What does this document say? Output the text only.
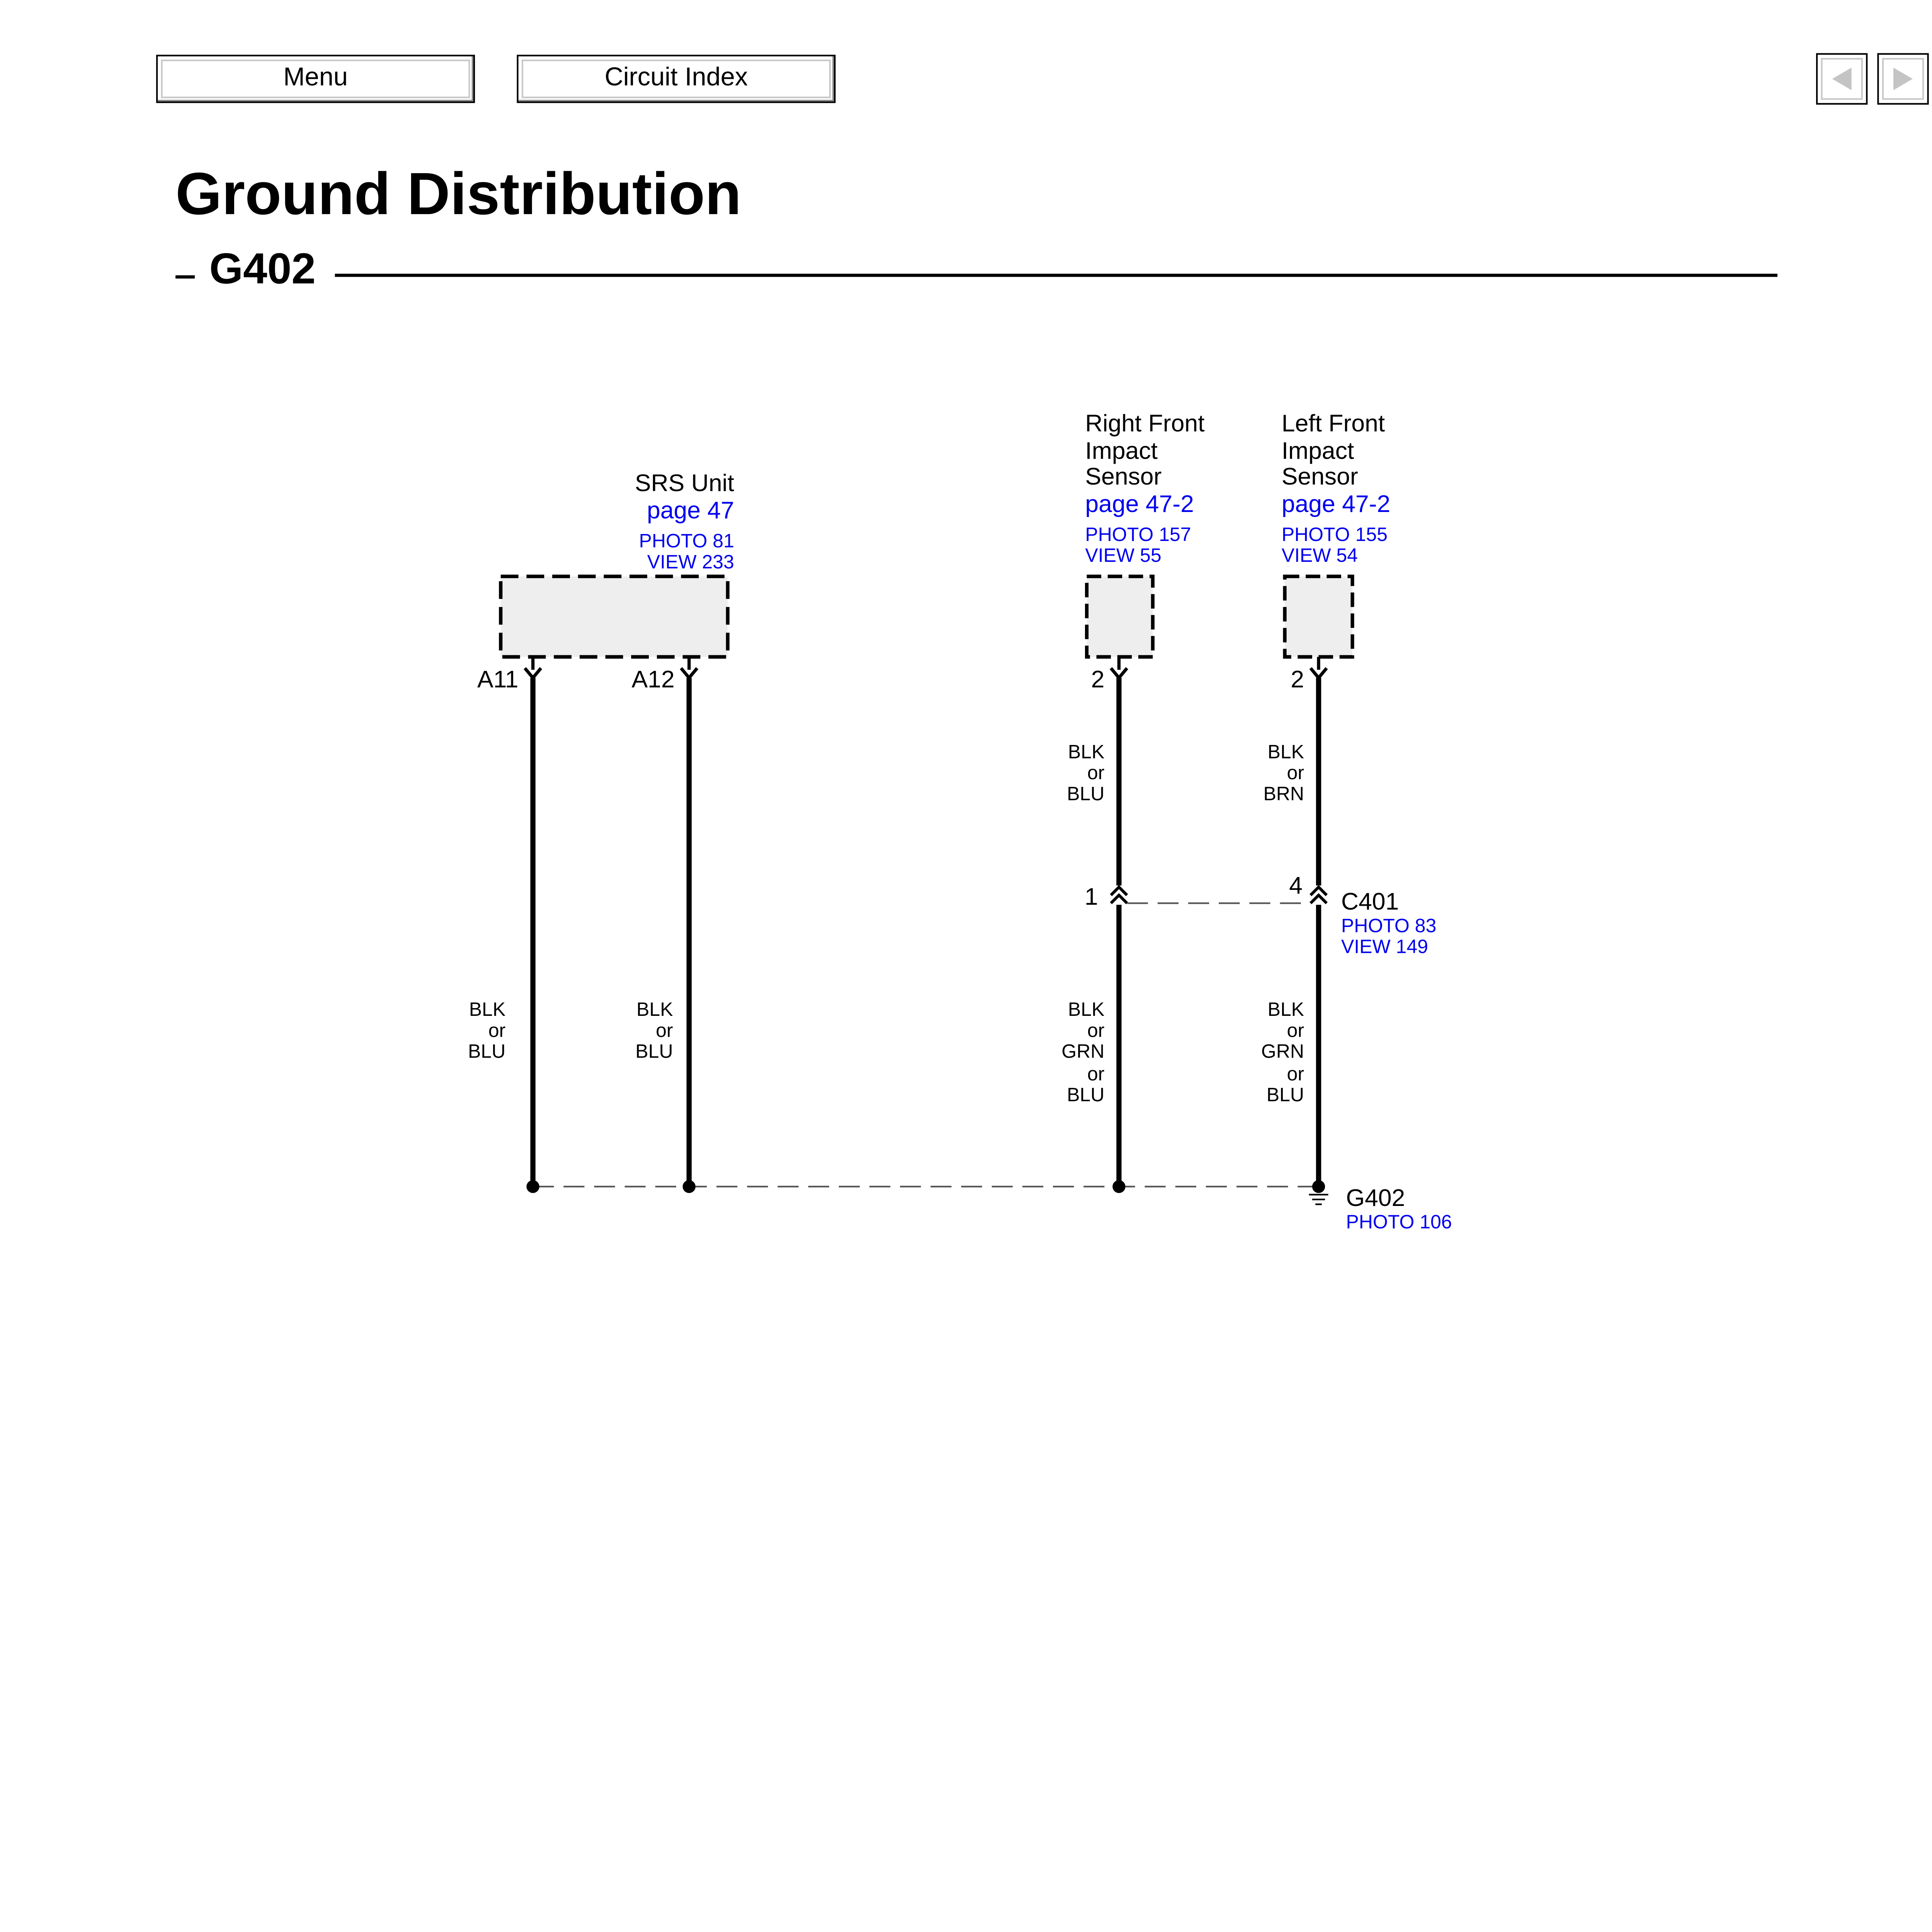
Menu	Circuit Index
Ground Distribution
G402
SRS Unit
page 47
PHOTO 81
VIEW 233
Right Front
Impact
Sensor
page 47-2
PHOTO 157
VIEW 55
Left Front
Impact
Sensor
page 47-2
PHOTO 155
VIEW 54
A11	A12	2	2
1	4
C401
PHOTO 83
VIEW 149
BLK
or
BLU
BLK
or
BLU
BLK
or
BLU
BLK
or
BRN
BLK
or
GRN
or
BLU
BLK
or
GRN
or
BLU
G402
PHOTO 106
